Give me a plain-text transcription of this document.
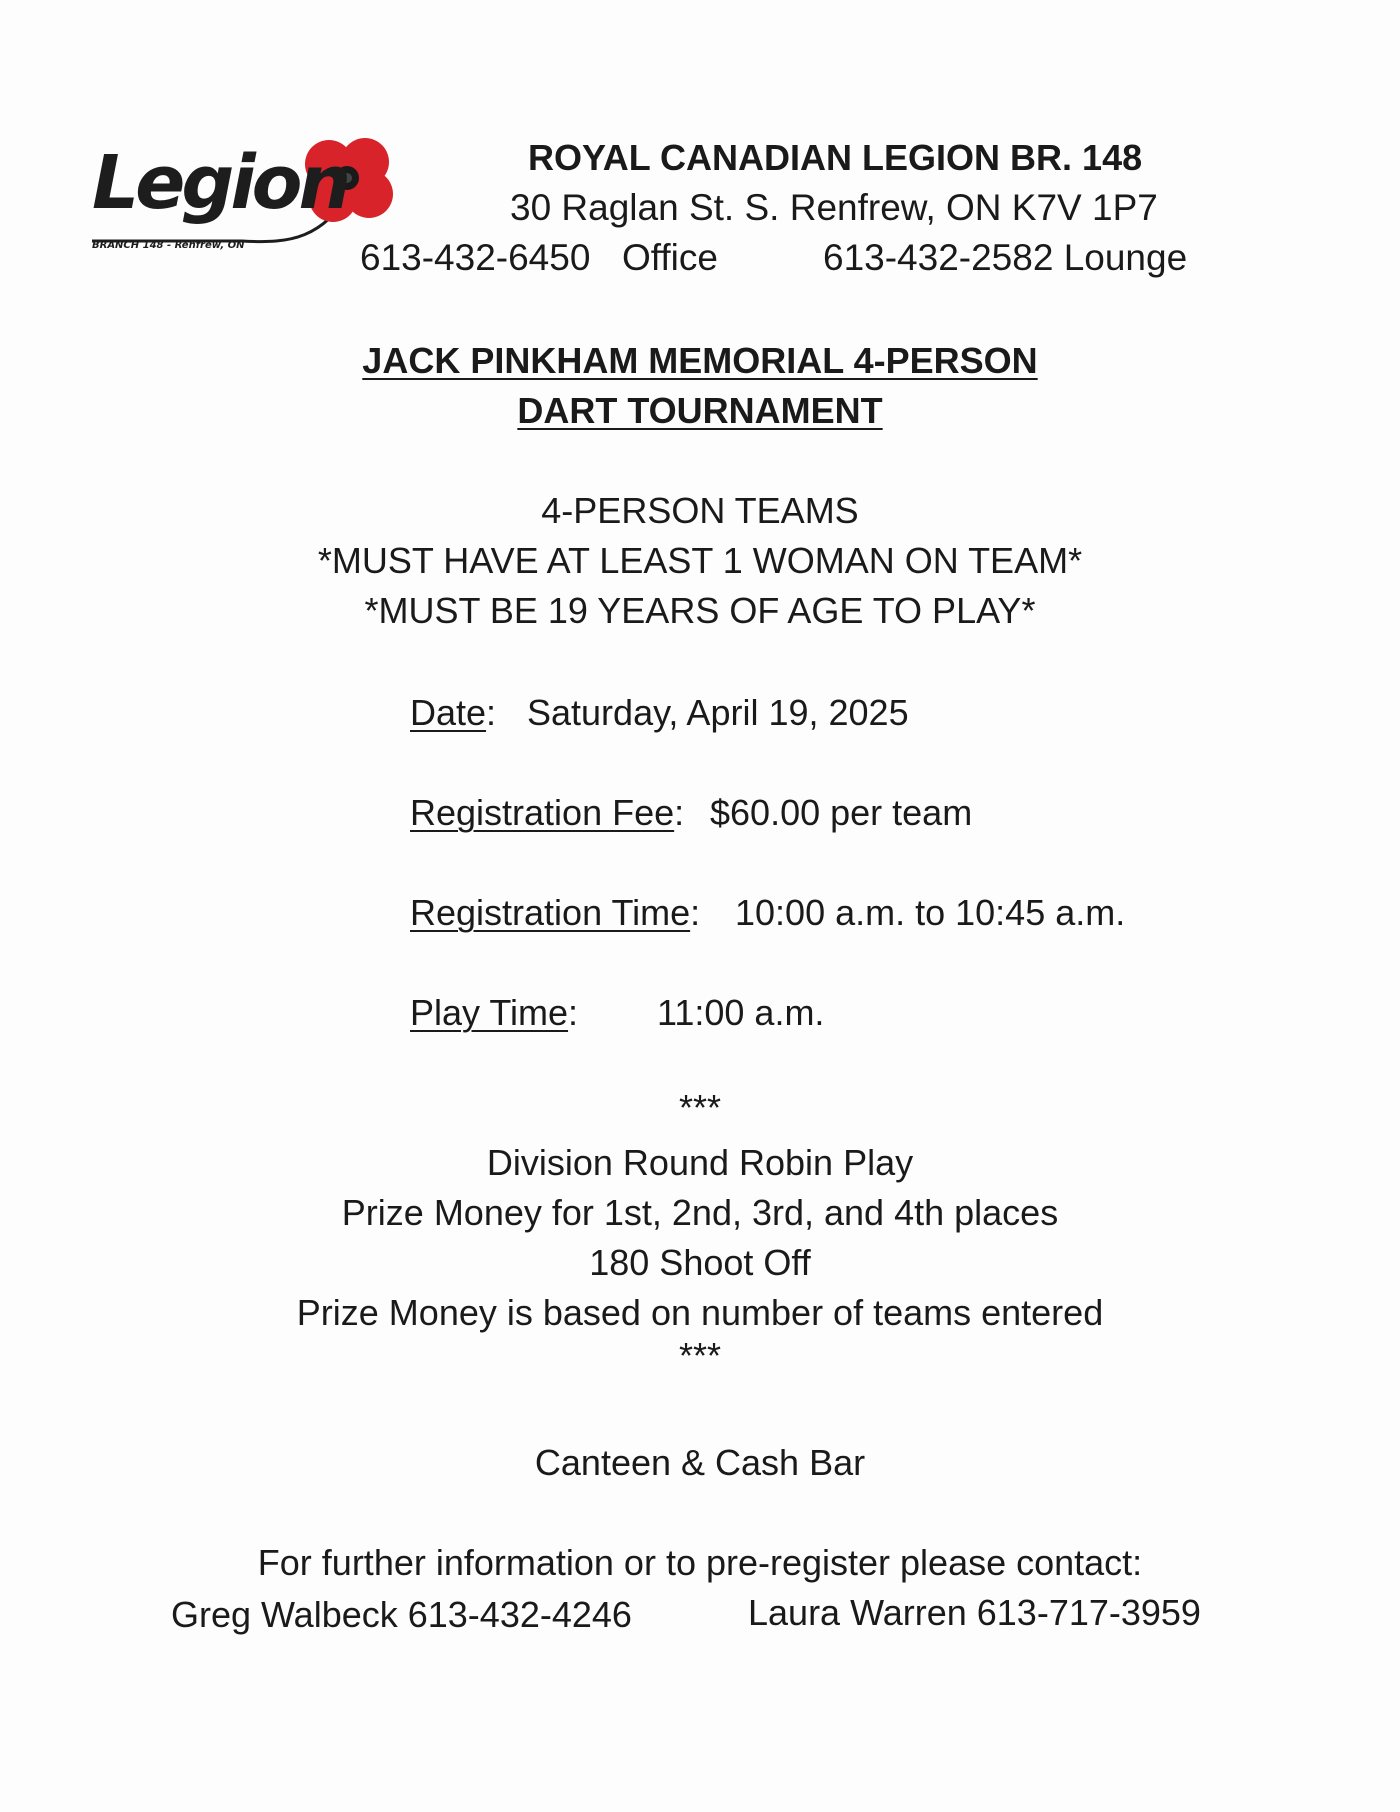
Legion
BRANCH 148 - Renfrew, ON
ROYAL CANADIAN LEGION BR. 148
30 Raglan St. S. Renfrew, ON K7V 1P7
613-432-6450 Office	613-432-2582 Lounge
JACK PINKHAM MEMORIAL 4-PERSON
DART TOURNAMENT
4-PERSON TEAMS
*MUST HAVE AT LEAST 1 WOMAN ON TEAM*
*MUST BE 19 YEARS OF AGE TO PLAY*
Date: Saturday, April 19, 2025
Registration Fee: $60.00 per team
Registration Time: 10:00 a.m. to 10:45 a.m.
Play Time: 11:00 a.m.
***
Division Round Robin Play
Prize Money for 1st, 2nd, 3rd, and 4th places
180 Shoot Off
Prize Money is based on number of teams entered
***
Canteen & Cash Bar
For further information or to pre-register please contact:
Greg Walbeck 613-432-4246	Laura Warren 613-717-3959
